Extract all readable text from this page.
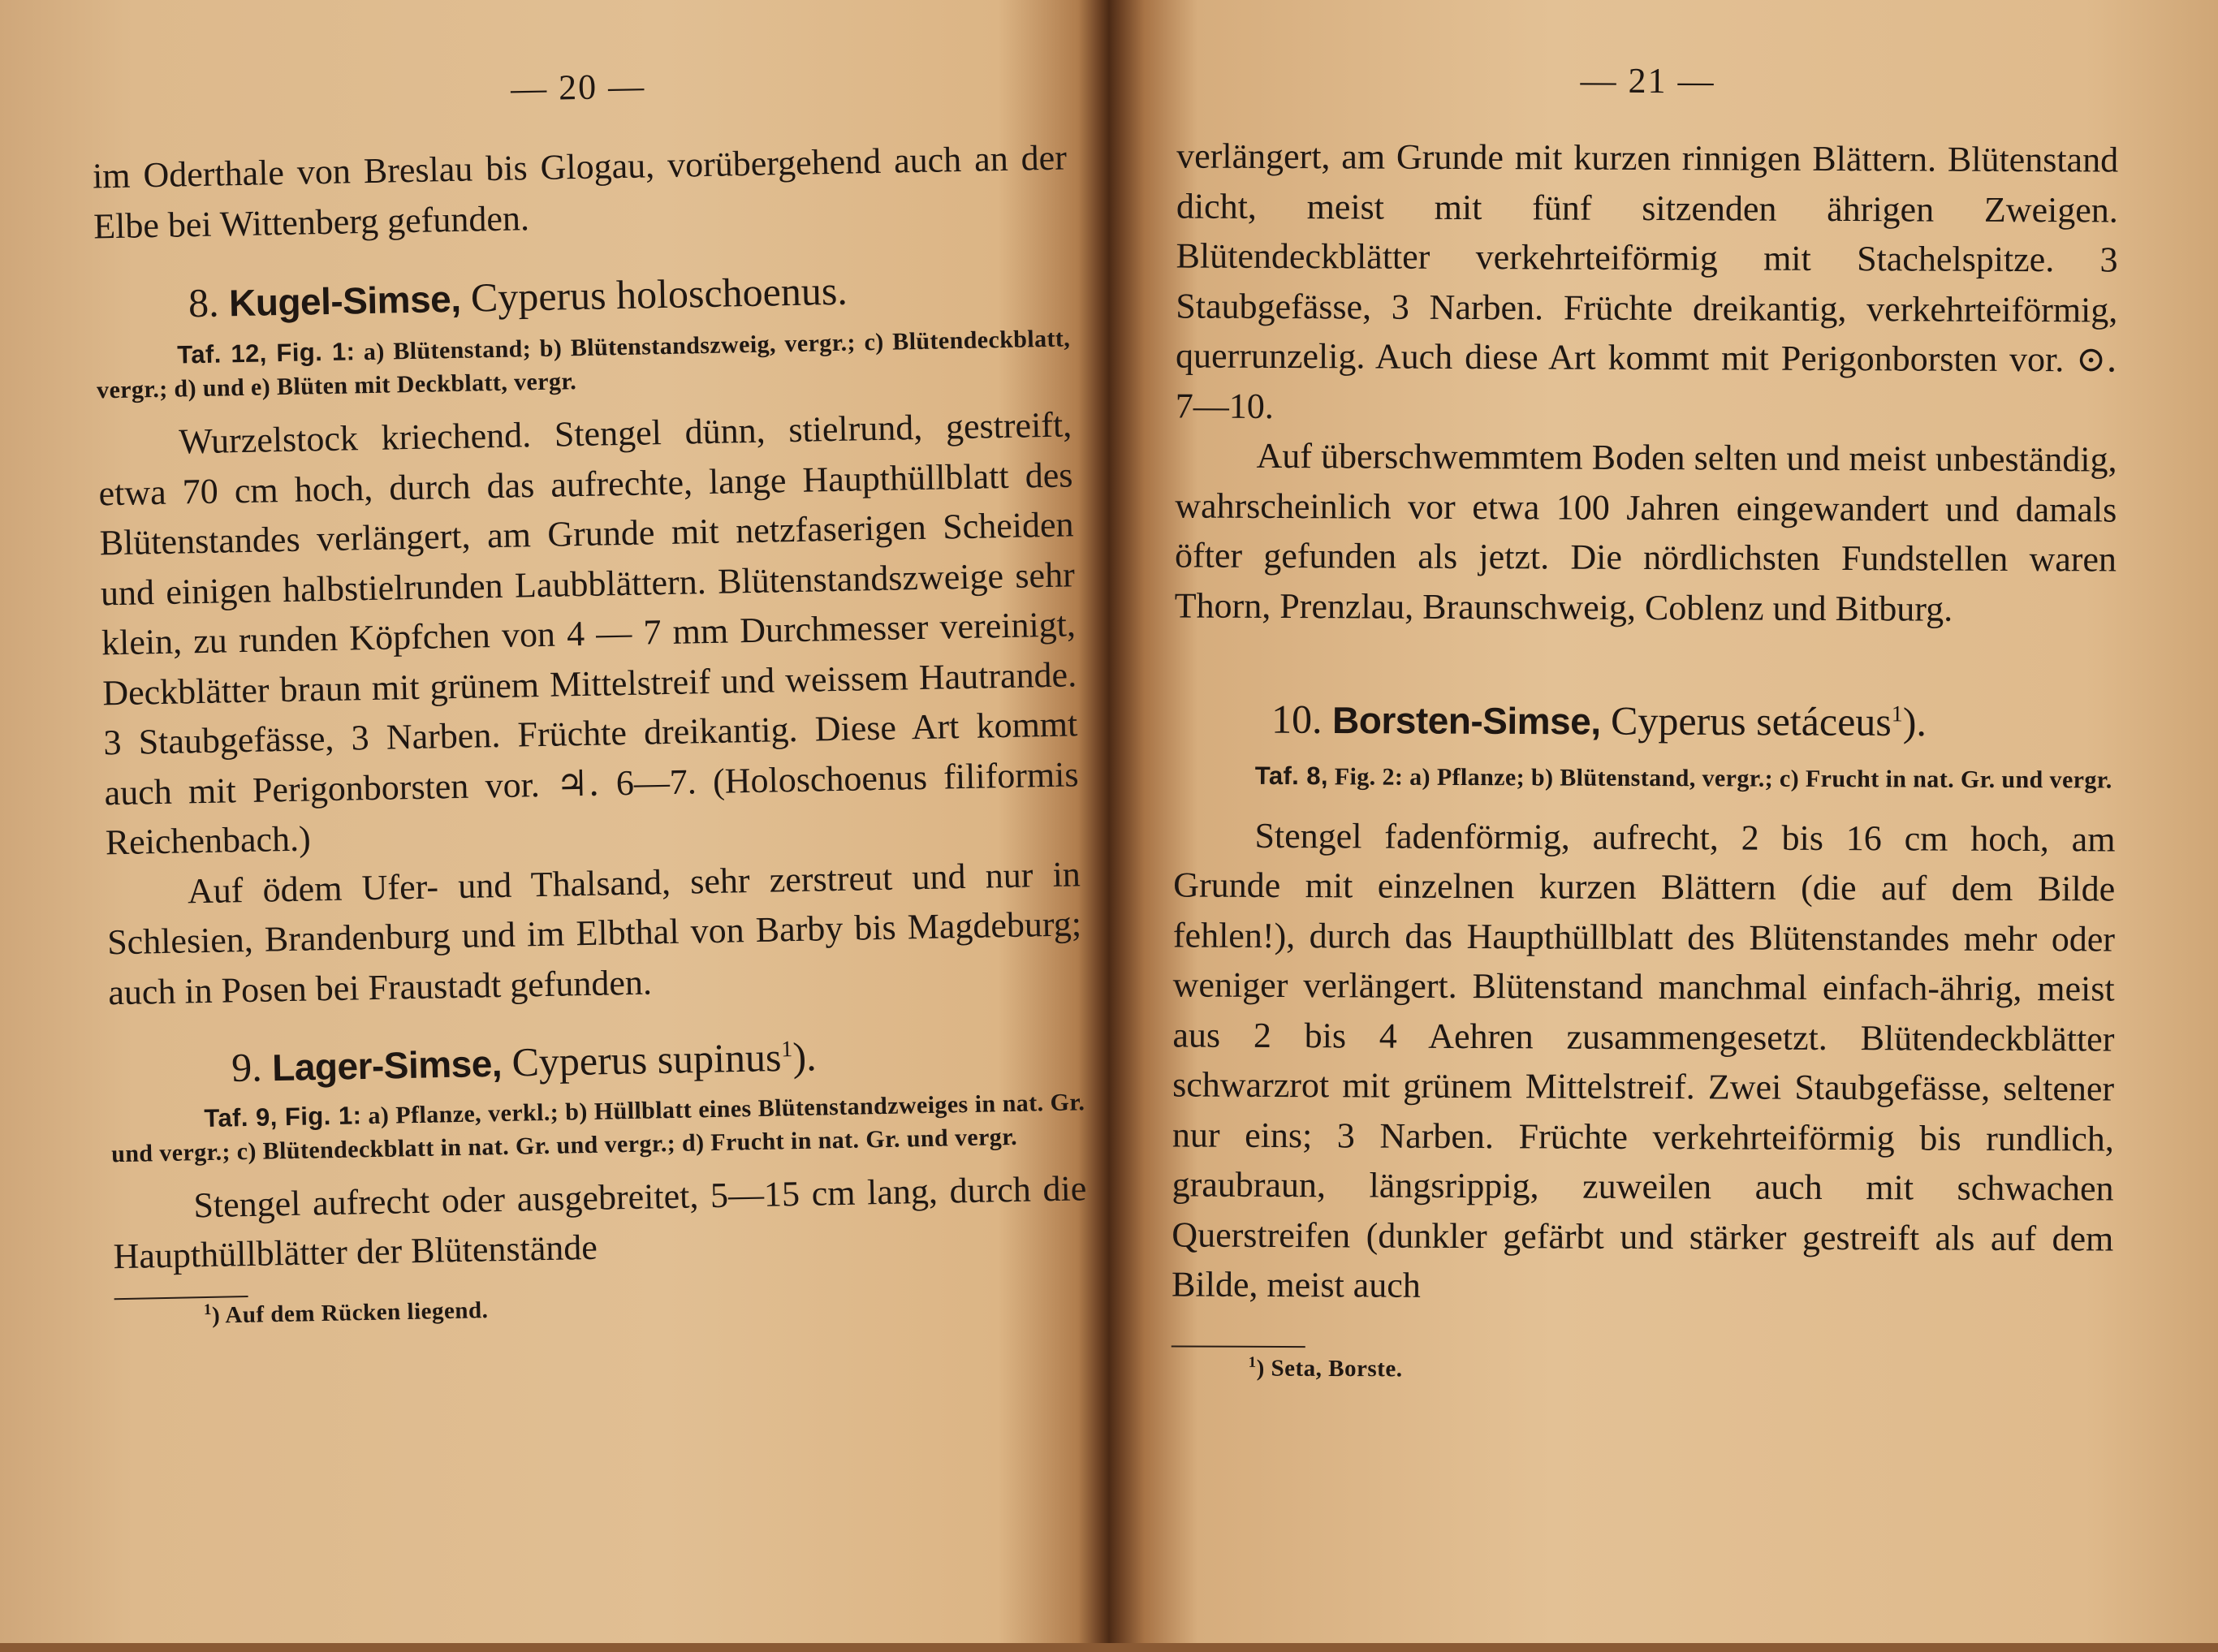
— 20 —

im Oderthale von Breslau bis Glogau, vorübergehend auch an der Elbe bei Wittenberg gefunden.

8. Kugel-Simse, Cyperus holoschoenus.

Taf. 12, Fig. 1: a) Blütenstand; b) Blütenstandszweig, vergr.; c) Blütendeckblatt, vergr.; d) und e) Blüten mit Deckblatt, vergr.

Wurzelstock kriechend. Stengel dünn, stielrund, gestreift, etwa 70 cm hoch, durch das aufrechte, lange Haupthüllblatt des Blütenstandes verlängert, am Grunde mit netzfaserigen Scheiden und einigen halbstielrunden Laubblättern. Blütenstandszweige sehr klein, zu runden Köpfchen von 4 — 7 mm Durchmesser vereinigt, Deckblätter braun mit grünem Mittelstreif und weissem Hautrande. 3 Staubgefässe, 3 Narben. Früchte dreikantig. Diese Art kommt auch mit Perigonborsten vor. ♃. 6—7. (Holoschoenus filiformis Reichenbach.)

Auf ödem Ufer- und Thalsand, sehr zerstreut und nur in Schlesien, Brandenburg und im Elbthal von Barby bis Magdeburg; auch in Posen bei Fraustadt gefunden.

9. Lager-Simse, Cyperus supinus$^1$).

Taf. 9, Fig. 1: a) Pflanze, verkl.; b) Hüllblatt eines Blütenstandzweiges in nat. Gr. und vergr.; c) Blütendeckblatt in nat. Gr. und vergr.; d) Frucht in nat. Gr. und vergr.

Stengel aufrecht oder ausgebreitet, 5—15 cm lang, durch die Haupthüllblätter der Blütenstände

$^1$) Auf dem Rücken liegend.
— 21 —

verlängert, am Grunde mit kurzen rinnigen Blättern. Blütenstand dicht, meist mit fünf sitzenden ährigen Zweigen. Blütendeckblätter verkehrteiförmig mit Stachelspitze. 3 Staubgefässe, 3 Narben. Früchte dreikantig, verkehrteiförmig, querrunzelig. Auch diese Art kommt mit Perigonborsten vor. ⊙. 7—10.

Auf überschwemmtem Boden selten und meist unbeständig, wahrscheinlich vor etwa 100 Jahren eingewandert und damals öfter gefunden als jetzt. Die nördlichsten Fundstellen waren Thorn, Prenzlau, Braunschweig, Coblenz und Bitburg.

10. Borsten-Simse, Cyperus setáceus$^1$).

Taf. 8, Fig. 2: a) Pflanze; b) Blütenstand, vergr.; c) Frucht in nat. Gr. und vergr.

Stengel fadenförmig, aufrecht, 2 bis 16 cm hoch, am Grunde mit einzelnen kurzen Blättern (die auf dem Bilde fehlen!), durch das Haupthüllblatt des Blütenstandes mehr oder weniger verlängert. Blütenstand manchmal einfach-ährig, meist aus 2 bis 4 Aehren zusammengesetzt. Blütendeckblätter schwarzrot mit grünem Mittelstreif. Zwei Staubgefässe, seltener nur eins; 3 Narben. Früchte verkehrteiförmig bis rundlich, graubraun, längsrippig, zuweilen auch mit schwachen Querstreifen (dunkler gefärbt und stärker gestreift als auf dem Bilde, meist auch

$^1$) Seta, Borste.
